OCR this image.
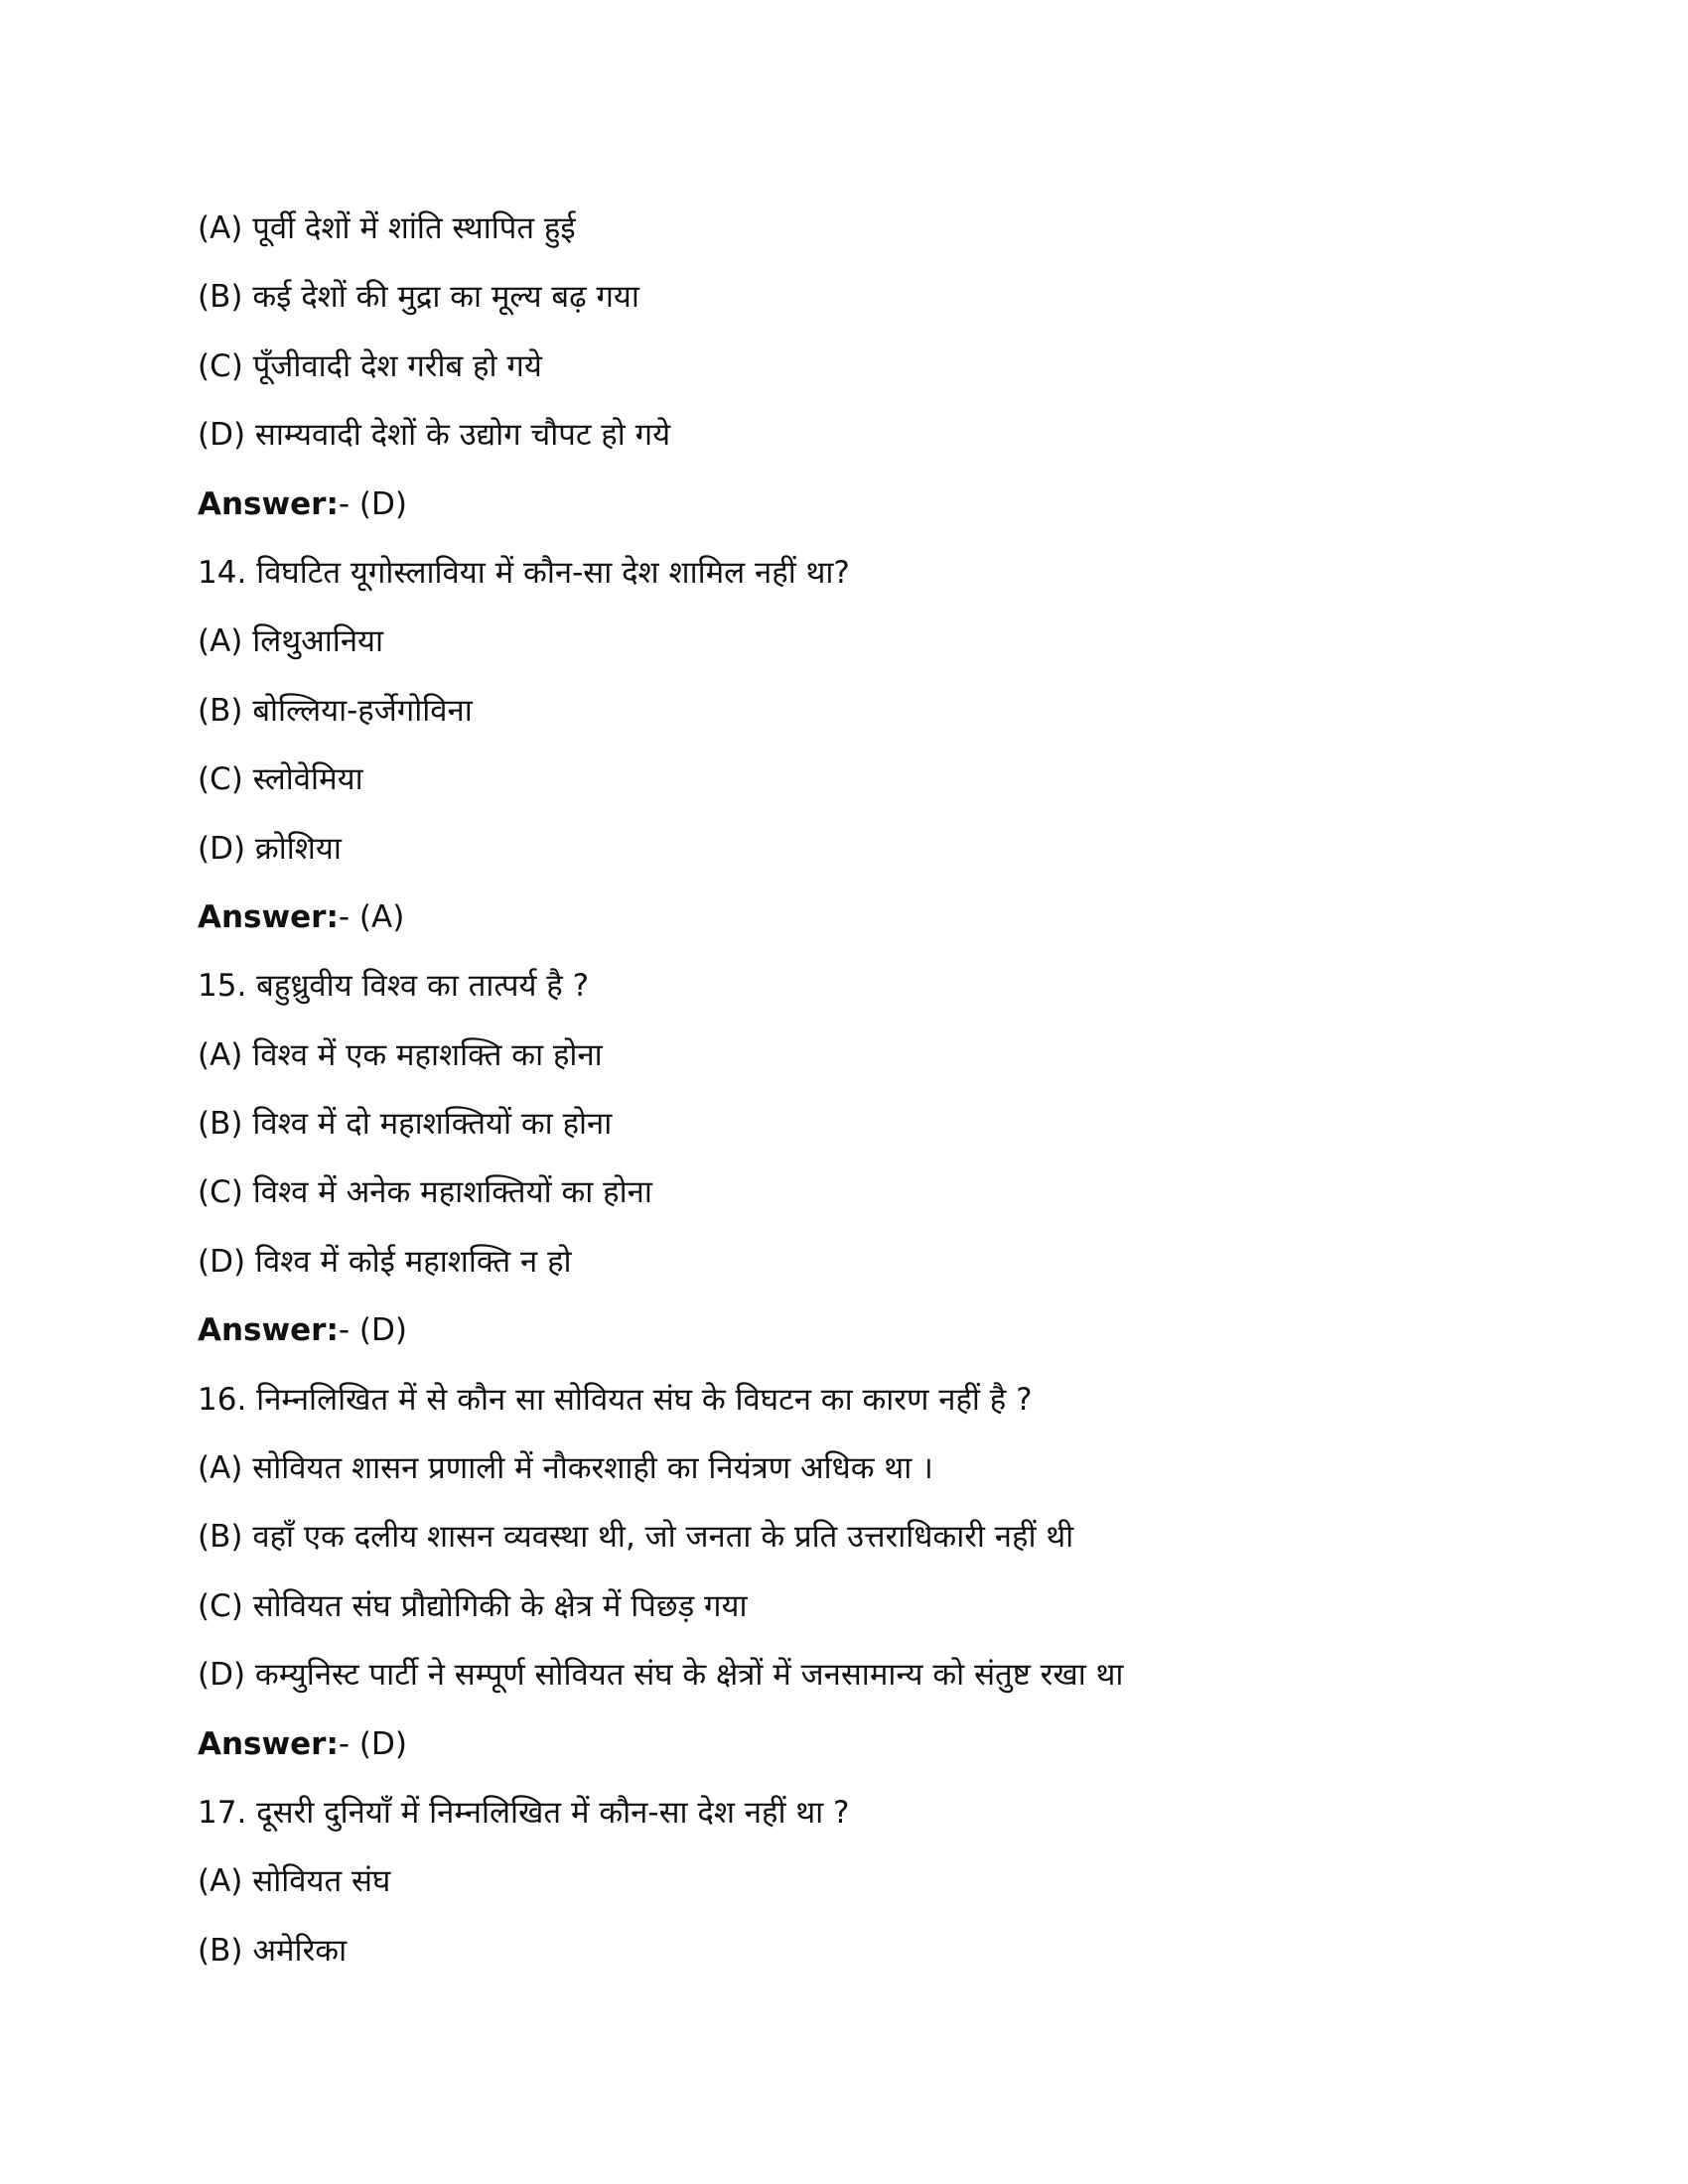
(A) पूर्वी देशों में शांति स्थापित हुई
(B) कई देशों की मुद्रा का मूल्य बढ़ गया
(C) पूँजीवादी देश गरीब हो गये
(D) साम्यवादी देशों के उद्योग चौपट हो गये
Answer:- (D)
14. विघटित यूगोस्लाविया में कौन-सा देश शामिल नहीं था?
(A) लिथुआनिया
(B) बोल्लिया-हर्जेगोविना
(C) स्लोवेमिया
(D) क्रोशिया
Answer:- (A)
15. बहुध्रुवीय विश्व का तात्पर्य है ?
(A) विश्व में एक महाशक्ति का होना
(B) विश्व में दो महाशक्तियों का होना
(C) विश्व में अनेक महाशक्तियों का होना
(D) विश्व में कोई महाशक्ति न हो
Answer:- (D)
16. निम्नलिखित में से कौन सा सोवियत संघ के विघटन का कारण नहीं है ?
(A) सोवियत शासन प्रणाली में नौकरशाही का नियंत्रण अधिक था ।
(B) वहाँ एक दलीय शासन व्यवस्था थी, जो जनता के प्रति उत्तराधिकारी नहीं थी
(C) सोवियत संघ प्रौद्योगिकी के क्षेत्र में पिछड़ गया
(D) कम्युनिस्ट पार्टी ने सम्पूर्ण सोवियत संघ के क्षेत्रों में जनसामान्य को संतुष्ट रखा था
Answer:- (D)
17. दूसरी दुनियाँ में निम्नलिखित में कौन-सा देश नहीं था ?
(A) सोवियत संघ
(B) अमेरिका
